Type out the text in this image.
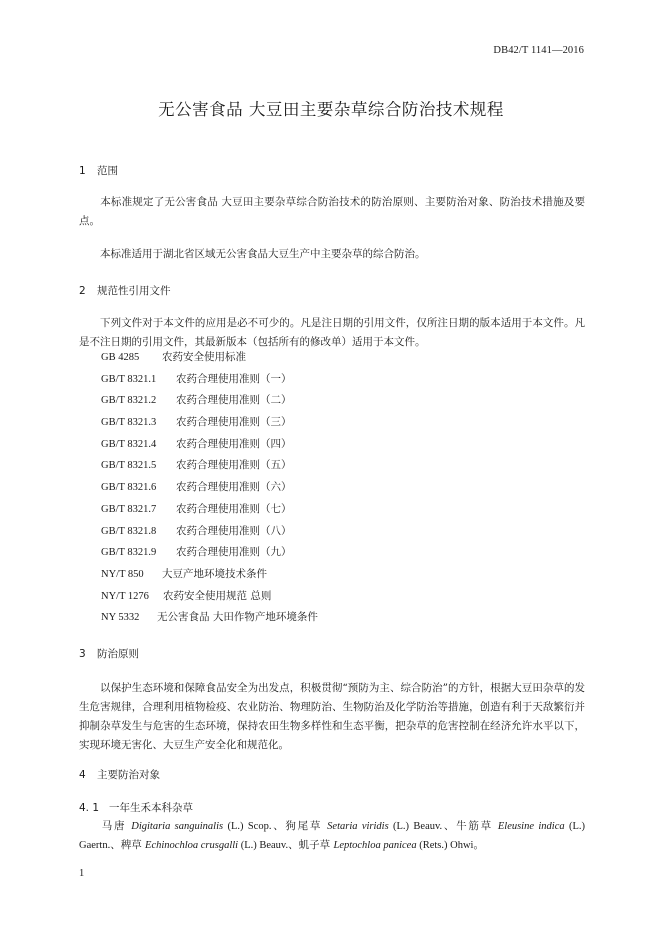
DB42/T 1141—2016
无公害食品 大豆田主要杂草综合防治技术规程
1 范围
本标准规定了无公害食品 大豆田主要杂草综合防治技术的防治原则、主要防治对象、防治技术措施及要点。
本标准适用于湖北省区域无公害食品大豆生产中主要杂草的综合防治。
2 规范性引用文件
下列文件对于本文件的应用是必不可少的。凡是注日期的引用文件，仅所注日期的版本适用于本文件。凡是不注日期的引用文件，其最新版本（包括所有的修改单）适用于本文件。
GB 4285 农药安全使用标准
GB/T 8321.1 农药合理使用准则（一）
GB/T 8321.2 农药合理使用准则（二）
GB/T 8321.3 农药合理使用准则（三）
GB/T 8321.4 农药合理使用准则（四）
GB/T 8321.5 农药合理使用准则（五）
GB/T 8321.6 农药合理使用准则（六）
GB/T 8321.7 农药合理使用准则（七）
GB/T 8321.8 农药合理使用准则（八）
GB/T 8321.9 农药合理使用准则（九）
NY/T 850 大豆产地环境技术条件
NY/T 1276 农药安全使用规范 总则
NY 5332 无公害食品 大田作物产地环境条件
3 防治原则
以保护生态环境和保障食品安全为出发点，积极贯彻“预防为主、综合防治”的方针，根据大豆田杂草的发生危害规律，合理利用植物检疫、农业防治、物理防治、生物防治及化学防治等措施，创造有利于天敌繁衍并抑制杂草发生与危害的生态环境，保持农田生物多样性和生态平衡，把杂草的危害控制在经济允许水平以下，实现环境无害化、大豆生产安全化和规范化。
4 主要防治对象
4. 1 一年生禾本科杂草
马唐 Digitaria sanguinalis (L.) Scop.、狗尾草 Setaria viridis (L.) Beauv.、牛筋草 Eleusine indica (L.) Gaertn.、稗草 Echinochloa crusgalli (L.) Beauv.、虮子草 Leptochloa panicea (Rets.) Ohwi。
1
